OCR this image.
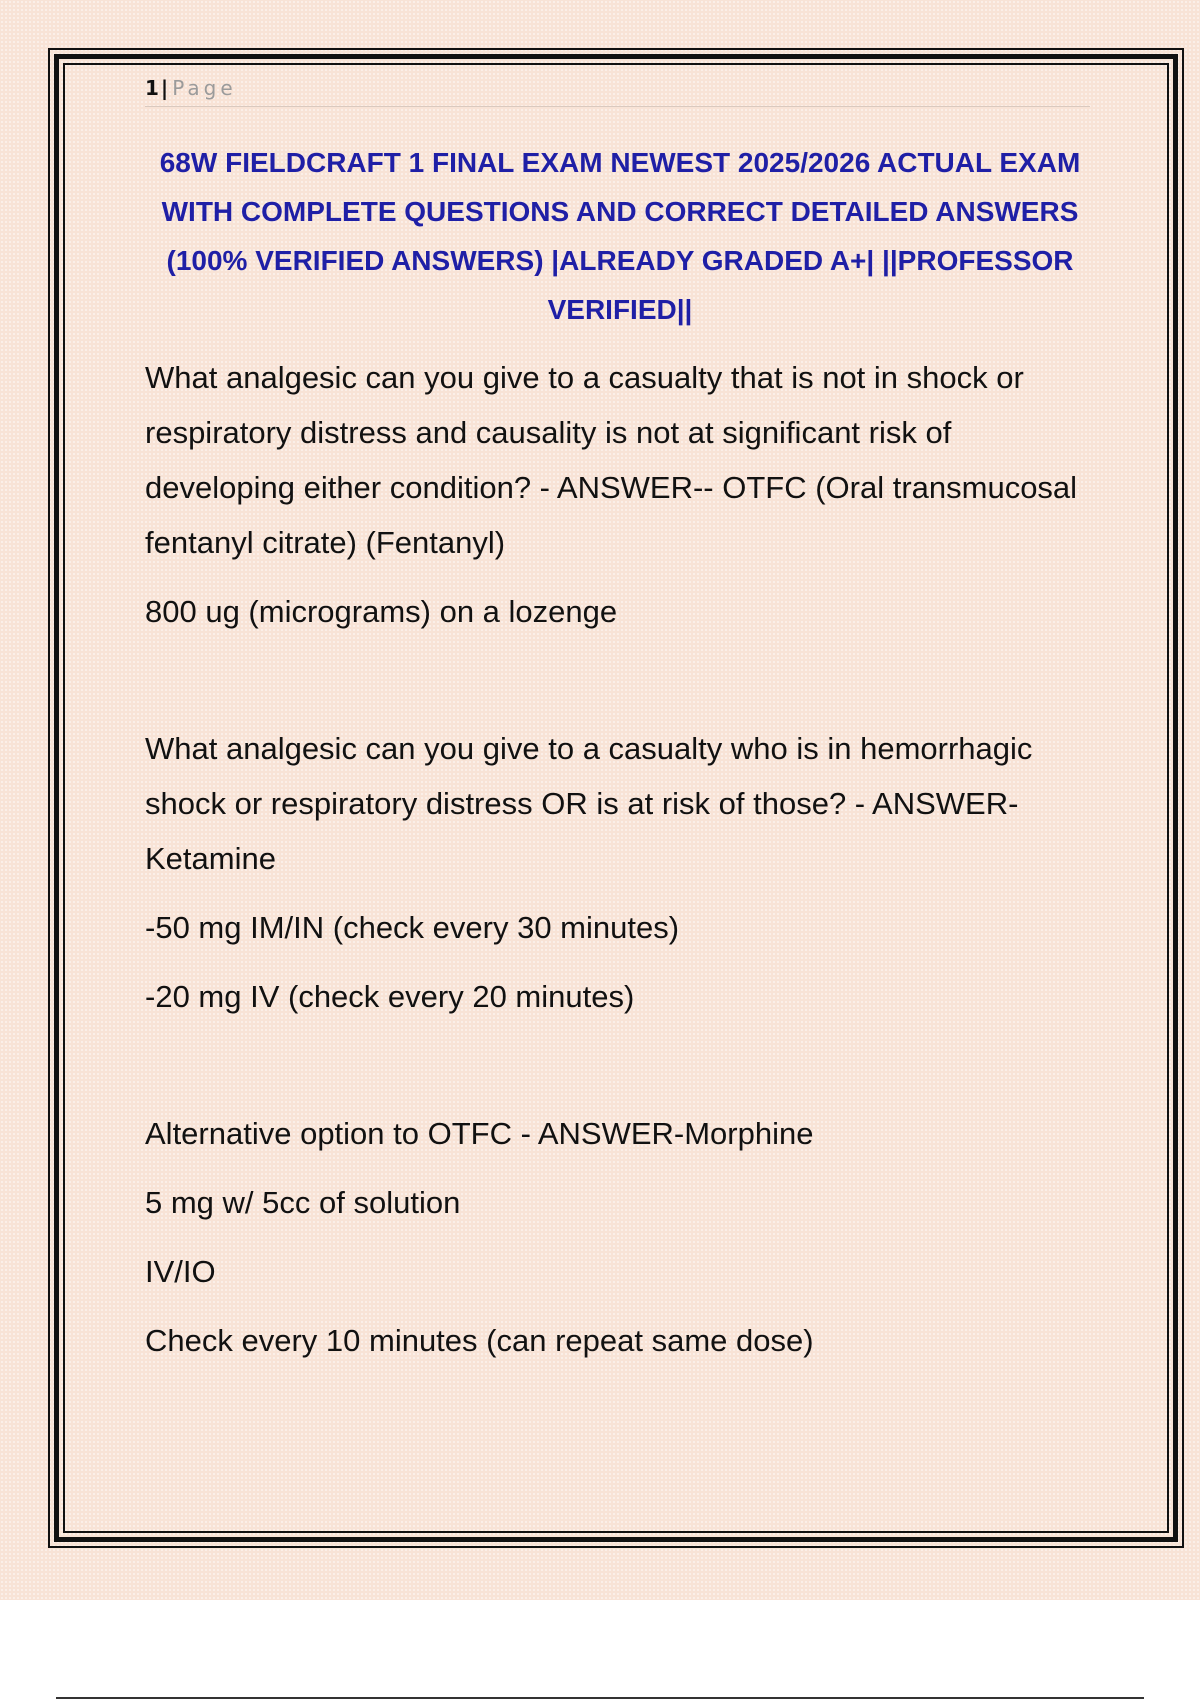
1 | Page
68W FIELDCRAFT 1 FINAL EXAM NEWEST 2025/2026 ACTUAL EXAM WITH COMPLETE QUESTIONS AND CORRECT DETAILED ANSWERS (100% VERIFIED ANSWERS) |ALREADY GRADED A+| ||PROFESSOR VERIFIED||

What analgesic can you give to a casualty that is not in shock or respiratory distress and causality is not at significant risk of developing either condition? - ANSWER-- OTFC (Oral transmucosal fentanyl citrate) (Fentanyl)

800 ug (micrograms) on a lozenge

What analgesic can you give to a casualty who is in hemorrhagic shock or respiratory distress OR is at risk of those? - ANSWER-Ketamine

-50 mg IM/IN (check every 30 minutes)

-20 mg IV (check every 20 minutes)

Alternative option to OTFC - ANSWER-Morphine

5 mg w/ 5cc of solution

IV/IO

Check every 10 minutes (can repeat same dose)
